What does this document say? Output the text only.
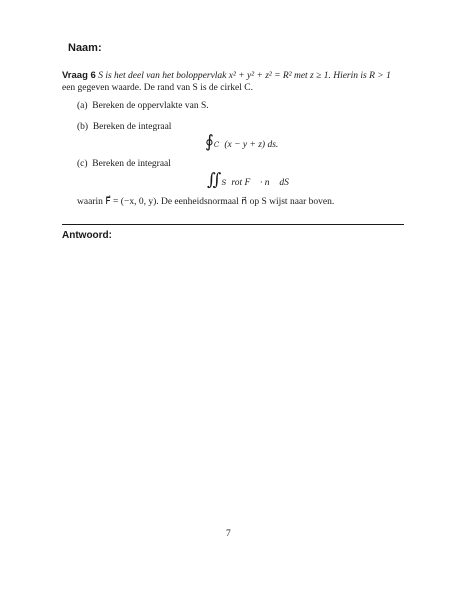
Naam:
Vraag 6 S is het deel van het boloppervlak x² + y² + z² = R² met z ≥ 1. Hierin is R > 1
een gegeven waarde. De rand van S is de cirkel C.
(a) Bereken de oppervlakte van S.
(b) Bereken de integraal
∮C (x − y + z) ds.
(c) Bereken de integraal
∬S rot F⃗ · n⃗ dS
waarin F⃗ = (−x, 0, y). De eenheidsnormaal n⃗ op S wijst naar boven.
Antwoord:
7
